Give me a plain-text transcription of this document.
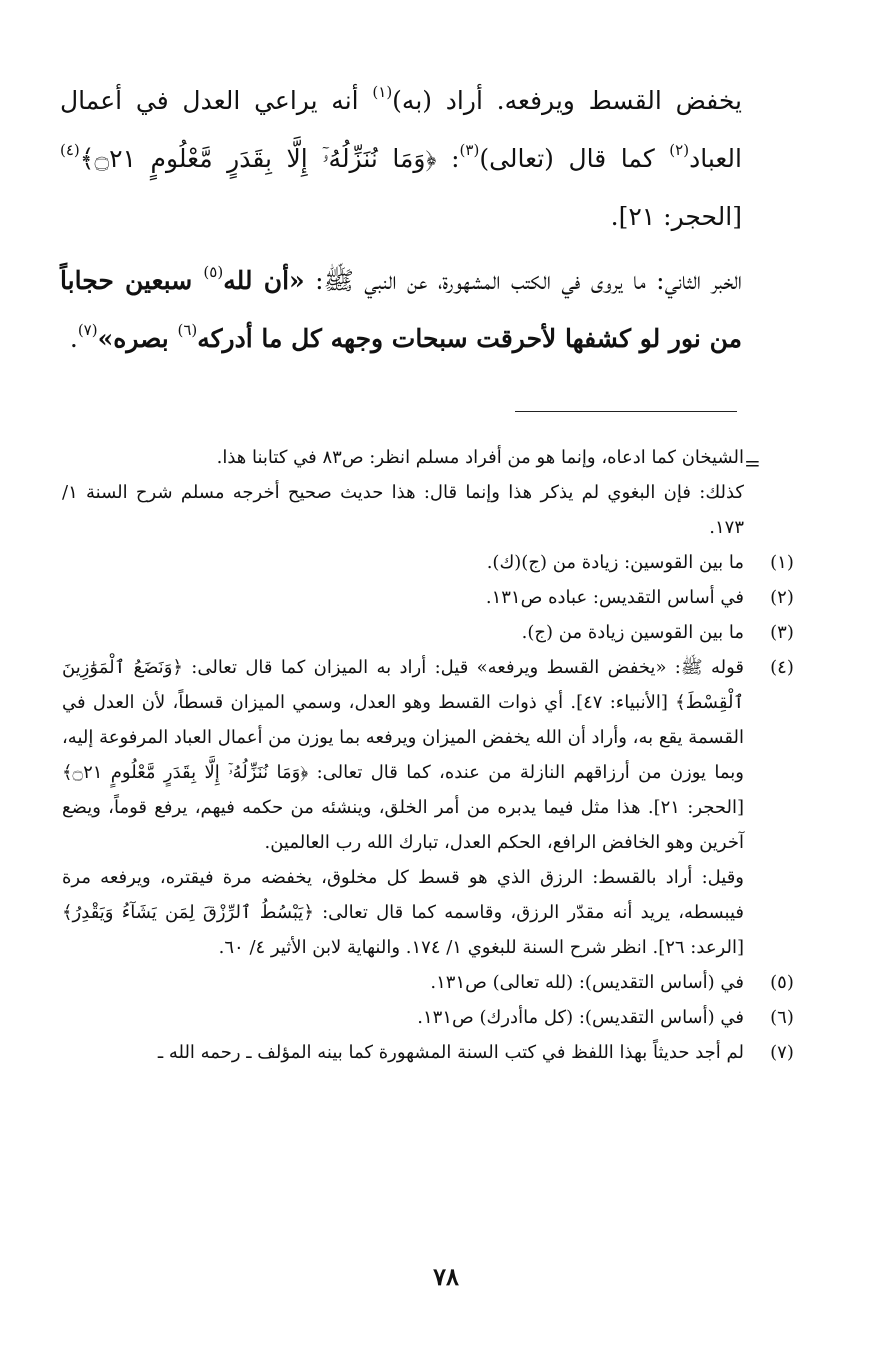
يخفض القسط ويرفعه. أراد (به)$^{(١)}$ أنه يراعي العدل في أعمال العباد$^{(٢)}$ كما قال (تعالى)$^{(٣)}$: ﴿وَمَا نُنَزِّلُهُۥٓ إِلَّا بِقَدَرٍ مَّعْلُومٍ ۝٢١﴾$^{(٤)}$ [الحجر: ٢١].

الخبر الثاني: ما يروى في الكتب المشهورة، عن النبي ﷺ: «أن لله$^{(٥)}$ سبعين حجاباً من نور لو كشفها لأحرقت سبحات وجهه كل ما أدركه$^{(٦)}$ بصره»$^{(٧)}$.

=

الشيخان كما ادعاه، وإنما هو من أفراد مسلم انظر: ص٨٣ في كتابنا هذا.

كذلك: فإن البغوي لم يذكر هذا وإنما قال: هذا حديث صحيح أخرجه مسلم شرح السنة ١/ ١٧٣.

(١)
ما بين القوسين: زيادة من (ج)(ك).
(٢)
في أساس التقديس: عباده ص١٣١.
(٣)
ما بين القوسين زيادة من (ج).
(٤)
قوله ﷺ: «يخفض القسط ويرفعه» قيل: أراد به الميزان كما قال تعالى: ﴿وَنَضَعُ ٱلْمَوَٰزِينَ ٱلْقِسْطَ﴾ [الأنبياء: ٤٧]. أي ذوات القسط وهو العدل، وسمي الميزان قسطاً، لأن العدل في القسمة يقع به، وأراد أن الله يخفض الميزان ويرفعه بما يوزن من أعمال العباد المرفوعة إليه، وبما يوزن من أرزاقهم النازلة من عنده، كما قال تعالى: ﴿وَمَا نُنَزِّلُهُۥٓ إِلَّا بِقَدَرٍ مَّعْلُومٍ ۝٢١﴾ [الحجر: ٢١]. هذا مثل فيما يدبره من أمر الخلق، وينشئه من حكمه فيهم، يرفع قوماً، ويضع آخرين وهو الخافض الرافع، الحكم العدل، تبارك الله رب العالمين.
وقيل: أراد بالقسط: الرزق الذي هو قسط كل مخلوق، يخفضه مرة فيقتره، ويرفعه مرة فيبسطه، يريد أنه مقدّر الرزق، وقاسمه كما قال تعالى: ﴿يَبْسُطُ ٱلرِّزْقَ لِمَن يَشَآءُ وَيَقْدِرُ﴾ [الرعد: ٢٦]. انظر شرح السنة للبغوي ١/ ١٧٤. والنهاية لابن الأثير ٤/ ٦٠.
(٥)
في (أساس التقديس): (لله تعالى) ص١٣١.
(٦)
في (أساس التقديس): (كل ماأدرك) ص١٣١.
(٧)
لم أجد حديثاً بهذا اللفظ في كتب السنة المشهورة كما بينه المؤلف ـ رحمه الله ـ
٧٨
